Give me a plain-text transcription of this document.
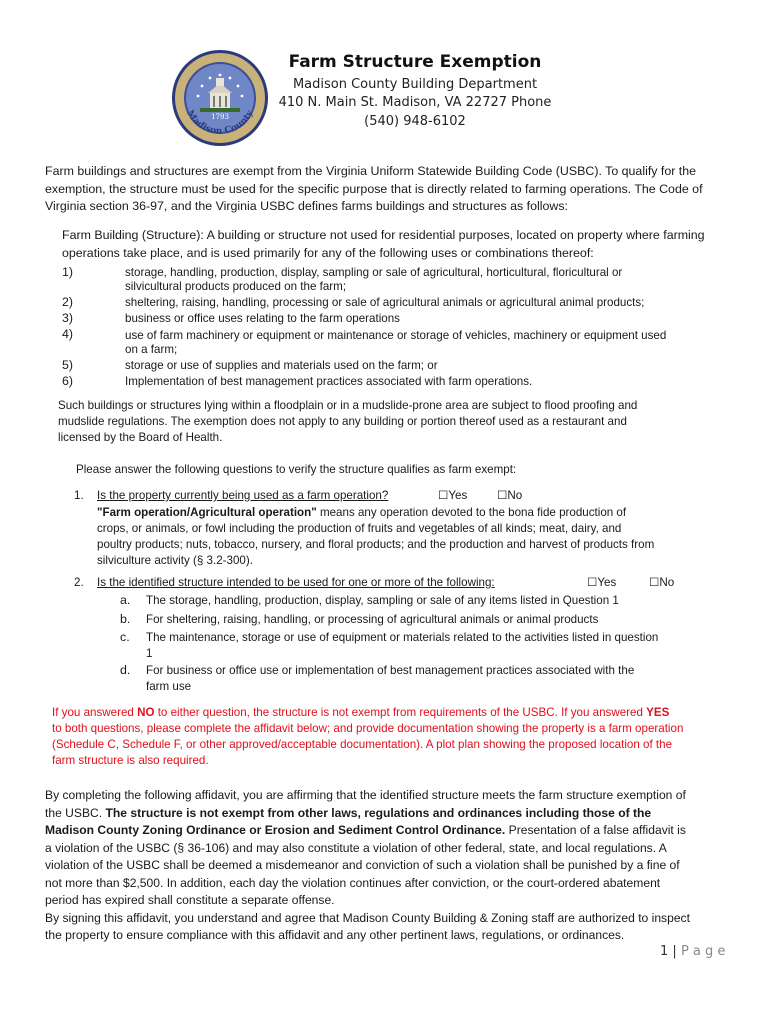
1793
Madison County
Farm Structure Exemption
Madison County Building Department
410 N. Main St. Madison, VA 22727 Phone
(540) 948-6102
Farm buildings and structures are exempt from the Virginia Uniform Statewide Building Code (USBC). To qualify for the
exemption, the structure must be used for the specific purpose that is directly related to farming operations. The Code of
Virginia section 36-97, and the Virginia USBC defines farms buildings and structures as follows:
Farm Building (Structure): A building or structure not used for residential purposes, located on property where farming
operations take place, and is used primarily for any of the following uses or combinations thereof:
1)	storage, handling, production, display, sampling or sale of agricultural, horticultural, floricultural or
silvicultural products produced on the farm;
2)	sheltering, raising, handling, processing or sale of agricultural animals or agricultural animal products;
3)	business or office uses relating to the farm operations
4)	use of farm machinery or equipment or maintenance or storage of vehicles, machinery or equipment used
on a farm;
5)	storage or use of supplies and materials used on the farm; or
6)	Implementation of best management practices associated with farm operations.
Such buildings or structures lying within a floodplain or in a mudslide-prone area are subject to flood proofing and
mudslide regulations. The exemption does not apply to any building or portion thereof used as a restaurant and
licensed by the Board of Health.
Please answer the following questions to verify the structure qualifies as farm exempt:
1. Is the property currently being used as a farm operation?	☐Yes	☐No
"Farm operation/Agricultural operation" means any operation devoted to the bona fide production of
crops, or animals, or fowl including the production of fruits and vegetables of all kinds; meat, dairy, and
poultry products; nuts, tobacco, nursery, and floral products; and the production and harvest of products from
silviculture activity (§ 3.2-300).
2. Is the identified structure intended to be used for one or more of the following:	☐Yes	☐No
a. The storage, handling, production, display, sampling or sale of any items listed in Question 1
b. For sheltering, raising, handling, or processing of agricultural animals or animal products
c. The maintenance, storage or use of equipment or materials related to the activities listed in question
1
d. For business or office use or implementation of best management practices associated with the
farm use
If you answered NO to either question, the structure is not exempt from requirements of the USBC. If you answered YES
to both questions, please complete the affidavit below; and provide documentation showing the property is a farm operation
(Schedule C, Schedule F, or other approved/acceptable documentation). A plot plan showing the proposed location of the
farm structure is also required.
By completing the following affidavit, you are affirming that the identified structure meets the farm structure exemption of
the USBC. The structure is not exempt from other laws, regulations and ordinances including those of the
Madison County Zoning Ordinance or Erosion and Sediment Control Ordinance. Presentation of a false affidavit is
a violation of the USBC (§ 36-106) and may also constitute a violation of other federal, state, and local regulations. A
violation of the USBC shall be deemed a misdemeanor and conviction of such a violation shall be punished by a fine of
not more than $2,500. In addition, each day the violation continues after conviction, or the court-ordered abatement
period has expired shall constitute a separate offense.
By signing this affidavit, you understand and agree that Madison County Building & Zoning staff are authorized to inspect
the property to ensure compliance with this affidavit and any other pertinent laws, regulations, or ordinances.
1 | P a g e
